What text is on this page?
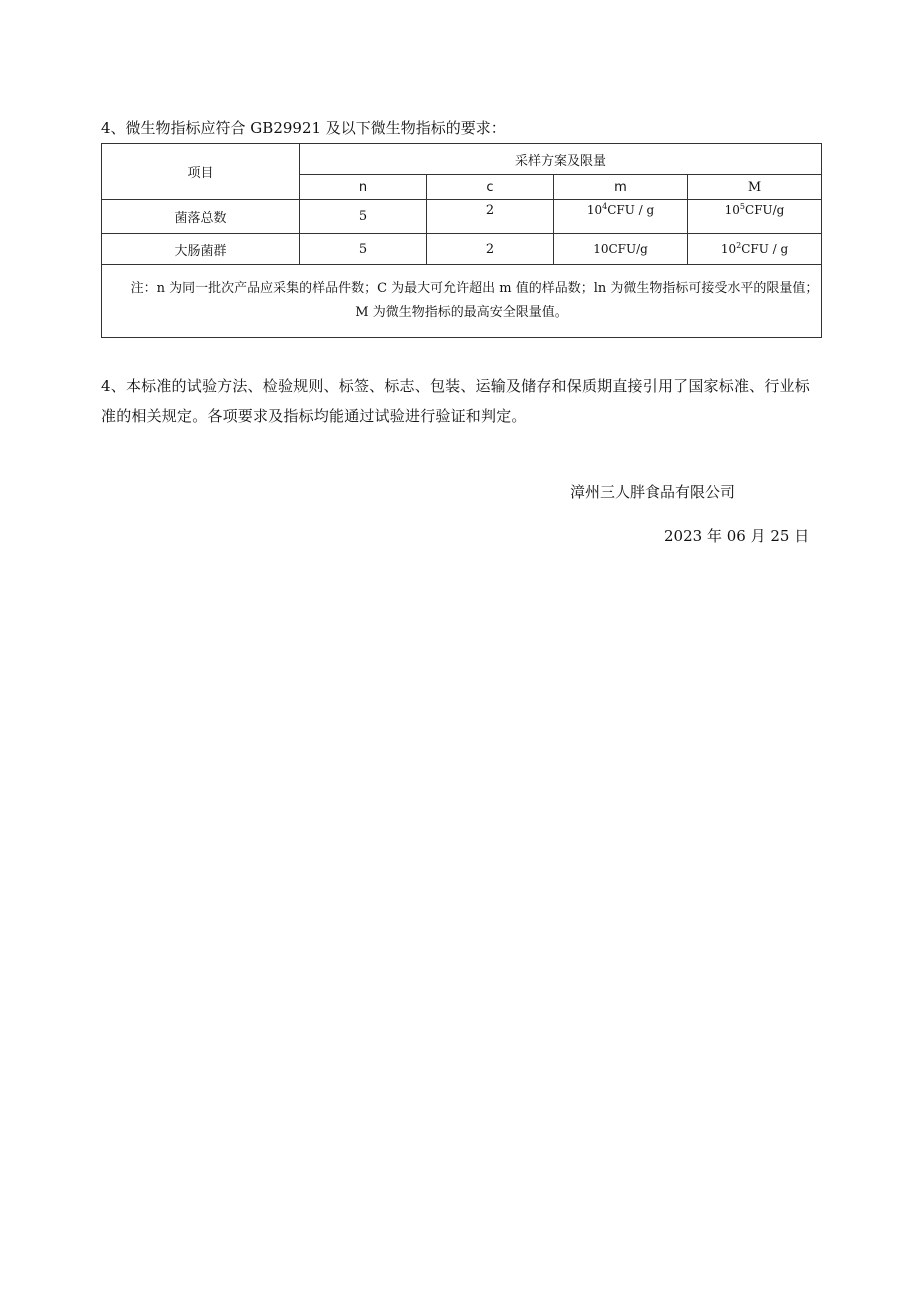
4、微生物指标应符合 GB29921 及以下微生物指标的要求：
项目	采样方案及限量			
	n	c	m	M
菌落总数	5	2	$10^4CFU$ / g	$10^5CFU/g$
大肠菌群	5	2	10CFU/g	$10^2CFU$ / g

注：n 为同一批次产品应采集的样品件数；C 为最大可允许超出 m 值的样品数；ln 为微生物指标可接受水平的限量值；M 为微生物指标的最高安全限量值。				
4、本标准的试验方法、检验规则、标签、标志、包装、运输及储存和保质期直接引用了国家标准、行业标准的相关规定。各项要求及指标均能通过试验进行验证和判定。
漳州三人胖食品有限公司
2023 年 06 月 25 日
